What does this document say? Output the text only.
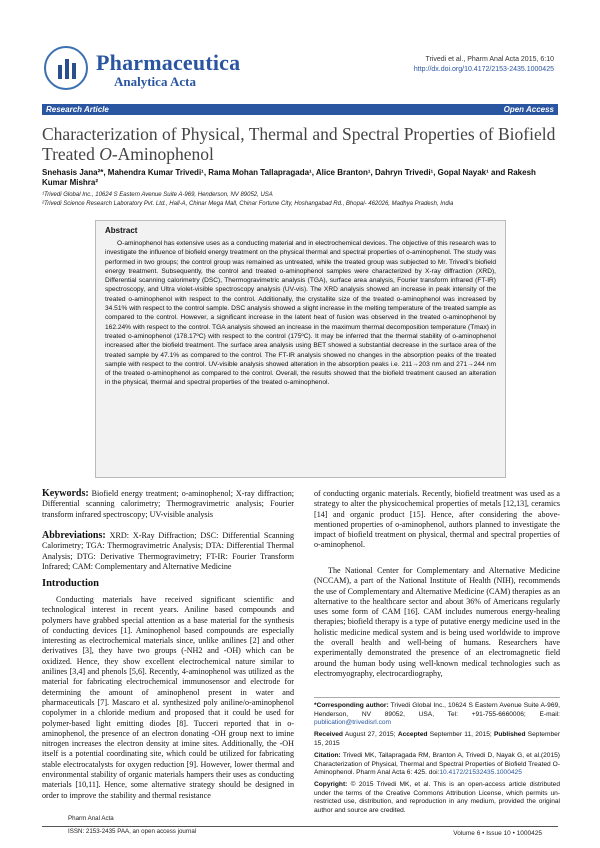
Pharmaceutica
Analytica Acta
Trivedi et al., Pharm Anal Acta 2015, 6:10
http://dx.doi.org/10.4172/2153-2435.1000425
Research Article	Open Access
Characterization of Physical, Thermal and Spectral Properties of Biofield Treated O-Aminophenol
Snehasis Jana²*, Mahendra Kumar Trivedi¹, Rama Mohan Tallapragada¹, Alice Branton¹, Dahryn Trivedi¹, Gopal Nayak¹ and Rakesh Kumar Mishra²
¹Trivedi Global Inc., 10624 S Eastern Avenue Suite A-969, Henderson, NV 89052, USA
²Trivedi Science Research Laboratory Pvt. Ltd., Hall-A, Chinar Mega Mall, Chinar Fortune City, Hoshangabad Rd., Bhopal- 462026, Madhya Pradesh, India
Abstract
O-aminophenol has extensive uses as a conducting material and in electrochemical devices. The objective of this research was to investigate the influence of biofield energy treatment on the physical thermal and spectral properties of o-aminophenol. The study was performed in two groups; the control group was remained as untreated, while the treated group was subjected to Mr. Trivedi's biofield energy treatment. Subsequently, the control and treated o-aminophenol samples were characterized by X-ray diffraction (XRD), Differential scanning calorimetry (DSC), Thermogravimetric analysis (TGA), surface area analysis, Fourier transform infrared (FT-IR) spectroscopy, and Ultra violet-visible spectroscopy analysis (UV-vis). The XRD analysis showed an increase in peak intensity of the treated o-aminophenol with respect to the control. Additionally, the crystallite size of the treated o-aminophenol was increased by 34.51% with respect to the control sample. DSC analysis showed a slight increase in the melting temperature of the treated sample as compared to the control. However, a significant increase in the latent heat of fusion was observed in the treated o-aminophenol by 162.24% with respect to the control. TGA analysis showed an increase in the maximum thermal decomposition temperature (Tmax) in treated o-aminophenol (178.17ºC) with respect to the control (175ºC). It may be inferred that the thermal stability of o-aminophenol increased after the biofield treatment. The surface area analysis using BET showed a substantial decrease in the surface area of the treated sample by 47.1% as compared to the control. The FT-IR analysis showed no changes in the absorption peaks of the treated sample with respect to the control. UV-visible analysis showed alteration in the absorption peaks i.e. 211→203 nm and 271→244 nm of the treated o-aminophenol as compared to the control. Overall, the results showed that the biofield treatment caused an alteration in the physical, thermal and spectral properties of the treated o-aminophenol.
Keywords: Biofield energy treatment; o-aminophenol; X-ray diffraction; Differential scanning calorimetry; Thermogravimetric analysis; Fourier transform infrared spectroscopy; UV-visible analysis
Abbreviations: XRD: X-Ray Diffraction; DSC: Differential Scanning Calorimetry; TGA: Thermogravimetric Analysis; DTA: Differential Thermal Analysis; DTG: Derivative Thermogravimetry; FT-IR: Fourier Transform Infrared; CAM: Complementary and Alternative Medicine
Introduction
Conducting materials have received significant scientific and technological interest in recent years. Aniline based compounds and polymers have grabbed special attention as a base material for the synthesis of conducting devices [1]. Aminophenol based compounds are especially interesting as electrochemical materials since, unlike anilines [2] and other derivatives [3], they have two groups (-NH2 and -OH) which can be oxidized. Hence, they show excellent electrochemical nature similar to anilines [3,4] and phenols [5,6]. Recently, 4-aminophenol was utilized as the material for fabricating electrochemical immunosensor and electrode for determining the amount of aminophenol present in water and pharmaceuticals [7]. Mascaro et al. synthesized poly aniline/o-aminophenol copolymer in a chloride medium and proposed that it could be used for polymer-based light emitting diodes [8]. Tucceri reported that in o-aminophenol, the presence of an electron donating -OH group next to imine nitrogen increases the electron density at imine sites. Additionally, the -OH itself is a potential coordinating site, which could be utilized for fabricating stable electrocatalysts for oxygen reduction [9]. However, lower thermal and environmental stability of organic materials hampers their uses as conducting materials [10,11]. Hence, some alternative strategy should be designed in order to improve the stability and thermal resistance
of conducting organic materials. Recently, biofield treatment was used as a strategy to alter the physicochemical properties of metals [12,13], ceramics [14] and organic product [15]. Hence, after considering the above-mentioned properties of o-aminophenol, authors planned to investigate the impact of biofield treatment on physical, thermal and spectral properties of o-aminophenol.
The National Center for Complementary and Alternative Medicine (NCCAM), a part of the National Institute of Health (NIH), recommends the use of Complementary and Alternative Medicine (CAM) therapies as an alternative to the healthcare sector and about 36% of Americans regularly uses some form of CAM [16]. CAM includes numerous energy-healing therapies; biofield therapy is a type of putative energy medicine used in the holistic medicine medical system and is being used worldwide to improve the overall health and well-being of humans. Researchers have experimentally demonstrated the presence of an electromagnetic field around the human body using well-known medical technologies such as electromyography, electrocardiography,
*Corresponding author: Trivedi Global Inc., 10624 S Eastern Avenue Suite A-969, Henderson, NV 89052, USA, Tel: +91-755-6660006; E-mail: publication@trivedisrl.com
Received August 27, 2015; Accepted September 11, 2015; Published September 15, 2015
Citation: Trivedi MK, Tallapragada RM, Branton A, Trivedi D, Nayak G, et al.(2015) Characterization of Physical, Thermal and Spectral Properties of Biofield Treated O-Aminophenol. Pharm Anal Acta 6: 425. doi:10.4172/21532435.1000425
Copyright: © 2015 Trivedi MK, et al. This is an open-access article distributed under the terms of the Creative Commons Attribution License, which permits un-restricted use, distribution, and reproduction in any medium, provided the original author and source are credited.
Pharm Anal Acta
ISSN: 2153-2435 PAA, an open access journal	Volume 6 • Issue 10 • 1000425
